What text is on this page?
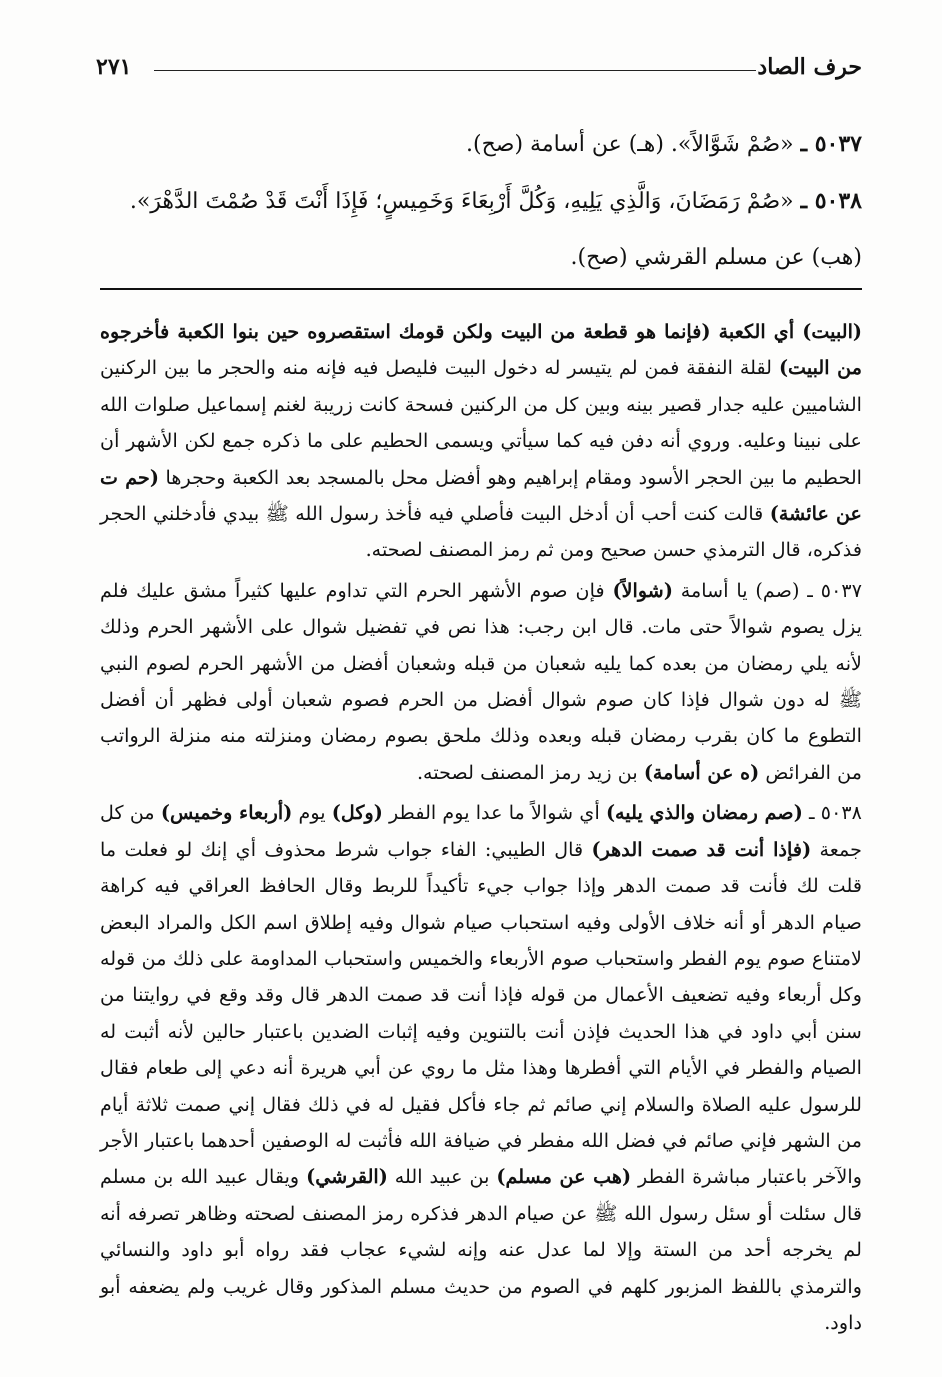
حرف الصاد
٢٧١

٥٠٣٧ ـ «صُمْ شَوَّالاً». (هـ) عن أسامة (صح).

٥٠٣٨ ـ «صُمْ رَمَضَانَ، وَالَّذِي يَلِيهِ، وَكُلَّ أَرْبِعَاءَ وَخَمِيسٍ؛ فَإِذَا أَنْتَ قَدْ صُمْتَ الدَّهْرَ». (هب) عن مسلم القرشي (صح).

(البيت) أي الكعبة (فإنما هو قطعة من البيت ولكن قومك استقصروه حين بنوا الكعبة فأخرجوه من البيت) لقلة النفقة فمن لم يتيسر له دخول البيت فليصل فيه فإنه منه والحجر ما بين الركنين الشاميين عليه جدار قصير بينه وبين كل من الركنين فسحة كانت زريبة لغنم إسماعيل صلوات الله على نبينا وعليه. وروي أنه دفن فيه كما سيأتي ويسمى الحطيم على ما ذكره جمع لكن الأشهر أن الحطيم ما بين الحجر الأسود ومقام إبراهيم وهو أفضل محل بالمسجد بعد الكعبة وحجرها (حم ت عن عائشة) قالت كنت أحب أن أدخل البيت فأصلي فيه فأخذ رسول الله ﷺ بيدي فأدخلني الحجر فذكره، قال الترمذي حسن صحيح ومن ثم رمز المصنف لصحته.

٥٠٣٧ ـ (صم) يا أسامة (شوالاً) فإن صوم الأشهر الحرم التي تداوم عليها كثيراً مشق عليك فلم يزل يصوم شوالاً حتى مات. قال ابن رجب: هذا نص في تفضيل شوال على الأشهر الحرم وذلك لأنه يلي رمضان من بعده كما يليه شعبان من قبله وشعبان أفضل من الأشهر الحرم لصوم النبي ﷺ له دون شوال فإذا كان صوم شوال أفضل من الحرم فصوم شعبان أولى فظهر أن أفضل التطوع ما كان بقرب رمضان قبله وبعده وذلك ملحق بصوم رمضان ومنزلته منه منزلة الرواتب من الفرائض (ه عن أسامة) بن زيد رمز المصنف لصحته.

٥٠٣٨ ـ (صم رمضان والذي يليه) أي شوالاً ما عدا يوم الفطر (وكل) يوم (أربعاء وخميس) من كل جمعة (فإذا أنت قد صمت الدهر) قال الطيبي: الفاء جواب شرط محذوف أي إنك لو فعلت ما قلت لك فأنت قد صمت الدهر وإذا جواب جيء تأكيداً للربط وقال الحافظ العراقي فيه كراهة صيام الدهر أو أنه خلاف الأولى وفيه استحباب صيام شوال وفيه إطلاق اسم الكل والمراد البعض لامتناع صوم يوم الفطر واستحباب صوم الأربعاء والخميس واستحباب المداومة على ذلك من قوله وكل أربعاء وفيه تضعيف الأعمال من قوله فإذا أنت قد صمت الدهر قال وقد وقع في روايتنا من سنن أبي داود في هذا الحديث فإذن أنت بالتنوين وفيه إثبات الضدين باعتبار حالين لأنه أثبت له الصيام والفطر في الأيام التي أفطرها وهذا مثل ما روي عن أبي هريرة أنه دعي إلى طعام فقال للرسول عليه الصلاة والسلام إني صائم ثم جاء فأكل فقيل له في ذلك فقال إني صمت ثلاثة أيام من الشهر فإني صائم في فضل الله مفطر في ضيافة الله فأثبت له الوصفين أحدهما باعتبار الأجر والآخر باعتبار مباشرة الفطر (هب عن مسلم) بن عبيد الله (القرشي) ويقال عبيد الله بن مسلم قال سئلت أو سئل رسول الله ﷺ عن صيام الدهر فذكره رمز المصنف لصحته وظاهر تصرفه أنه لم يخرجه أحد من الستة وإلا لما عدل عنه وإنه لشيء عجاب فقد رواه أبو داود والنسائي والترمذي باللفظ المزبور كلهم في الصوم من حديث مسلم المذكور وقال غريب ولم يضعفه أبو داود.
